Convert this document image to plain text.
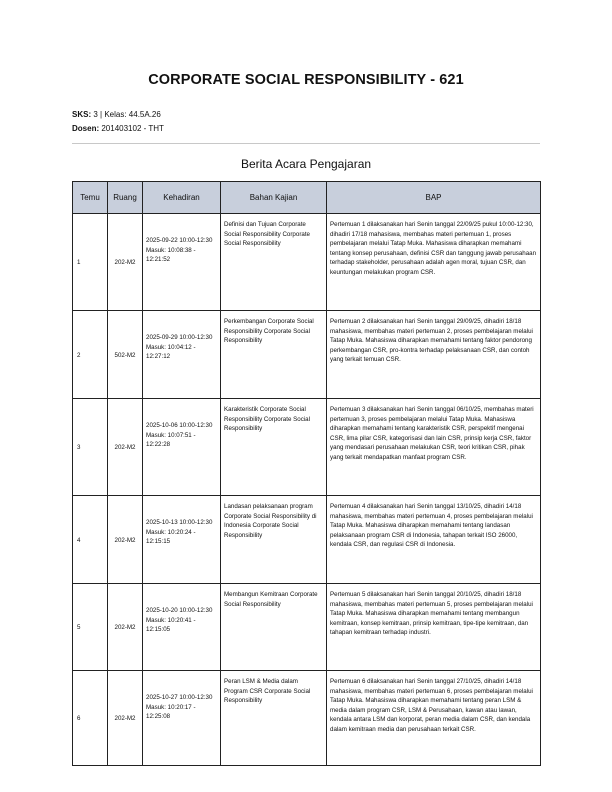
CORPORATE SOCIAL RESPONSIBILITY - 621
SKS: 3 | Kelas: 44.5A.26
Dosen: 201403102 - THT
Berita Acara Pengajaran
Temu	Ruang	Kehadiran	Bahan Kajian	BAP
1	202-M2	2025-09-22 10:00-12:30 Masuk: 10:08:38 - 12:21:52	Definisi dan Tujuan Corporate Social Responsibility Corporate Social Responsibility	Pertemuan 1 dilaksanakan hari Senin tanggal 22/09/25 pukul 10:00-12:30, dihadiri 17/18 mahasiswa, membahas materi pertemuan 1, proses pembelajaran melalui Tatap Muka. Mahasiswa diharapkan memahami tentang konsep perusahaan, definisi CSR dan tanggung jawab perusahaan terhadap stakeholder, perusahaan adalah agen moral, tujuan CSR, dan keuntungan melakukan program CSR.
2	502-M2	2025-09-29 10:00-12:30 Masuk: 10:04:12 - 12:27:12	Perkembangan Corporate Social Responsibility Corporate Social Responsibility	Pertemuan 2 dilaksanakan hari Senin tanggal 29/09/25, dihadiri 18/18 mahasiswa, membahas materi pertemuan 2, proses pembelajaran melalui Tatap Muka. Mahasiswa diharapkan memahami tentang faktor pendorong perkembangan CSR, pro-kontra terhadap pelaksanaan CSR, dan contoh yang terkait temuan CSR.
3	202-M2	2025-10-06 10:00-12:30 Masuk: 10:07:51 - 12:22:28	Karakteristik Corporate Social Responsibility Corporate Social Responsibility	Pertemuan 3 dilaksanakan hari Senin tanggal 06/10/25, membahas materi pertemuan 3, proses pembelajaran melalui Tatap Muka. Mahasiswa diharapkan memahami tentang karakteristik CSR, perspektif mengenai CSR, lima pilar CSR, kategorisasi dan lain CSR, prinsip kerja CSR, faktor yang mendasari perusahaan melakukan CSR, teori kritikan CSR, pihak yang terkait mendapatkan manfaat program CSR.
4	202-M2	2025-10-13 10:00-12:30 Masuk: 10:20:24 - 12:15:15	Landasan pelaksanaan program Corporate Social Responsibility di Indonesia Corporate Social Responsibility	Pertemuan 4 dilaksanakan hari Senin tanggal 13/10/25, dihadiri 14/18 mahasiswa, membahas materi pertemuan 4, proses pembelajaran melalui Tatap Muka. Mahasiswa diharapkan memahami tentang landasan pelaksanaan program CSR di Indonesia, tahapan terkait ISO 26000, kendala CSR, dan regulasi CSR di Indonesia.
5	202-M2	2025-10-20 10:00-12:30 Masuk: 10:20:41 - 12:15:05	Membangun Kemitraan Corporate Social Responsibility	Pertemuan 5 dilaksanakan hari Senin tanggal 20/10/25, dihadiri 18/18 mahasiswa, membahas materi pertemuan 5, proses pembelajaran melalui Tatap Muka. Mahasiswa diharapkan memahami tentang membangun kemitraan, konsep kemitraan, prinsip kemitraan, tipe-tipe kemitraan, dan tahapan kemitraan terhadap industri.
6	202-M2	2025-10-27 10:00-12:30 Masuk: 10:20:17 - 12:25:08	Peran LSM & Media dalam Program CSR Corporate Social Responsibility	Pertemuan 6 dilaksanakan hari Senin tanggal 27/10/25, dihadiri 14/18 mahasiswa, membahas materi pertemuan 6, proses pembelajaran melalui Tatap Muka. Mahasiswa diharapkan memahami tentang peran LSM & media dalam program CSR, LSM & Perusahaan, kawan atau lawan, kendala antara LSM dan korporat, peran media dalam CSR, dan kendala dalam kemitraan media dan perusahaan terkait CSR.
